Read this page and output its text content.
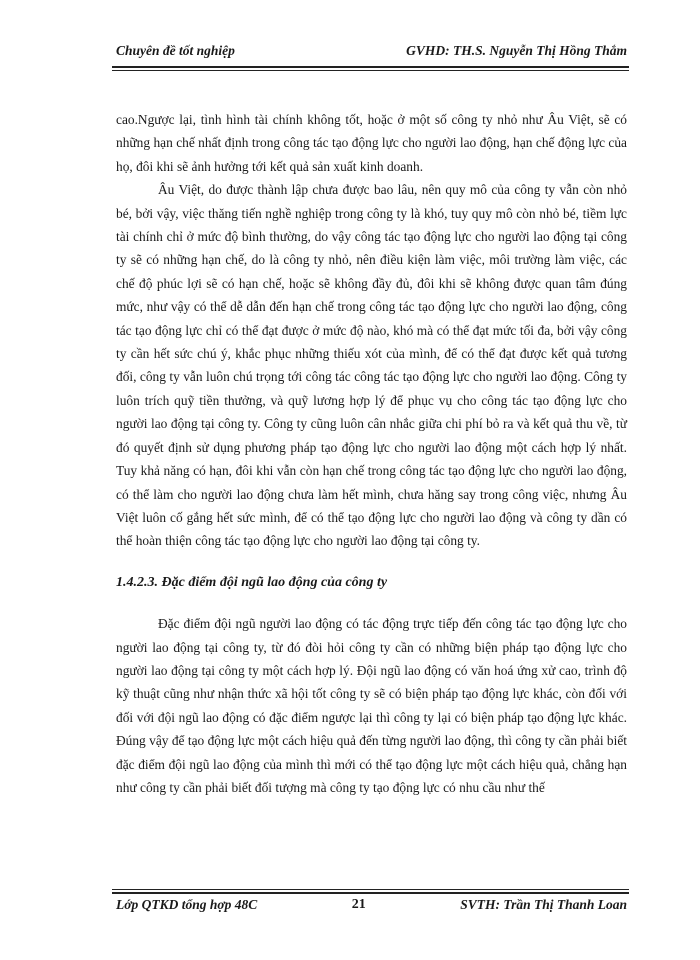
Chuyên đề tốt nghiệp	GVHD: TH.S. Nguyễn Thị Hồng Thắm

cao.Ngược lại, tình hình tài chính không tốt, hoặc ở một số công ty nhỏ như Âu Việt, sẽ có những hạn chế nhất định trong công tác tạo động lực cho người lao động, hạn chế động lực của họ, đôi khi sẽ ảnh hưởng tới kết quả sản xuất kinh doanh.

Âu Việt, do được thành lập chưa được bao lâu, nên quy mô của công ty vẫn còn nhỏ bé, bởi vậy, việc thăng tiến nghề nghiệp trong công ty là khó, tuy quy mô còn nhỏ bé, tiềm lực tài chính chỉ ở mức độ bình thường, do vậy công tác tạo động lực cho người lao động tại công ty sẽ có những hạn chế, do là công ty nhỏ, nên điều kiện làm việc, môi trường làm việc, các chế độ phúc lợi sẽ có hạn chế, hoặc sẽ không đầy đủ, đôi khi sẽ không được quan tâm đúng mức, như vậy có thể dễ dẫn đến hạn chế trong công tác tạo động lực cho người lao động, công tác tạo động lực chỉ có thể đạt được ở mức độ nào, khó mà có thể đạt mức tối đa, bởi vậy công ty cần hết sức chú ý, khắc phục những thiếu xót của mình, để có thể đạt được kết quả tương đối, công ty vẫn luôn chú trọng tới công tác công tác tạo động lực cho người lao động. Công ty luôn trích quỹ tiền thưởng, và quỹ lương hợp lý để phục vụ cho công tác tạo động lực cho người lao động tại công ty. Công ty cũng luôn cân nhắc giữa chi phí bỏ ra và kết quả thu về, từ đó quyết định sử dụng phương pháp tạo động lực cho người lao động một cách hợp lý nhất. Tuy khả năng có hạn, đôi khi vẫn còn hạn chế trong công tác tạo động lực cho người lao động, có thể làm cho người lao động chưa làm hết mình, chưa hăng say trong công việc, nhưng Âu Việt luôn cố gắng hết sức mình, để có thể tạo động lực cho người lao động và công ty dần có thể hoàn thiện công tác tạo động lực cho người lao động tại công ty.

1.4.2.3. Đặc điểm đội ngũ lao động của công ty

Đặc điểm đội ngũ người lao động có tác động trực tiếp đến công tác tạo động lực cho người lao động tại công ty, từ đó đòi hỏi công ty cần có những biện pháp tạo động lực cho người lao động tại công ty một cách hợp lý. Đội ngũ lao động có văn hoá ứng xử cao, trình độ kỹ thuật cũng như nhận thức xã hội tốt công ty sẽ có biện pháp tạo động lực khác, còn đối với đối với đội ngũ lao động có đặc điểm ngược lại thì công ty lại có biện pháp tạo động lực khác. Đúng vậy để tạo động lực một cách hiệu quả đến từng người lao động, thì công ty cần phải biết đặc điểm đội ngũ lao động của mình thì mới có thể tạo động lực một cách hiệu quả, chẳng hạn như công ty cần phải biết đối tượng mà công ty tạo động lực có nhu cầu như thế

Lớp QTKD tổng hợp 48C	21	SVTH: Trần Thị Thanh Loan
